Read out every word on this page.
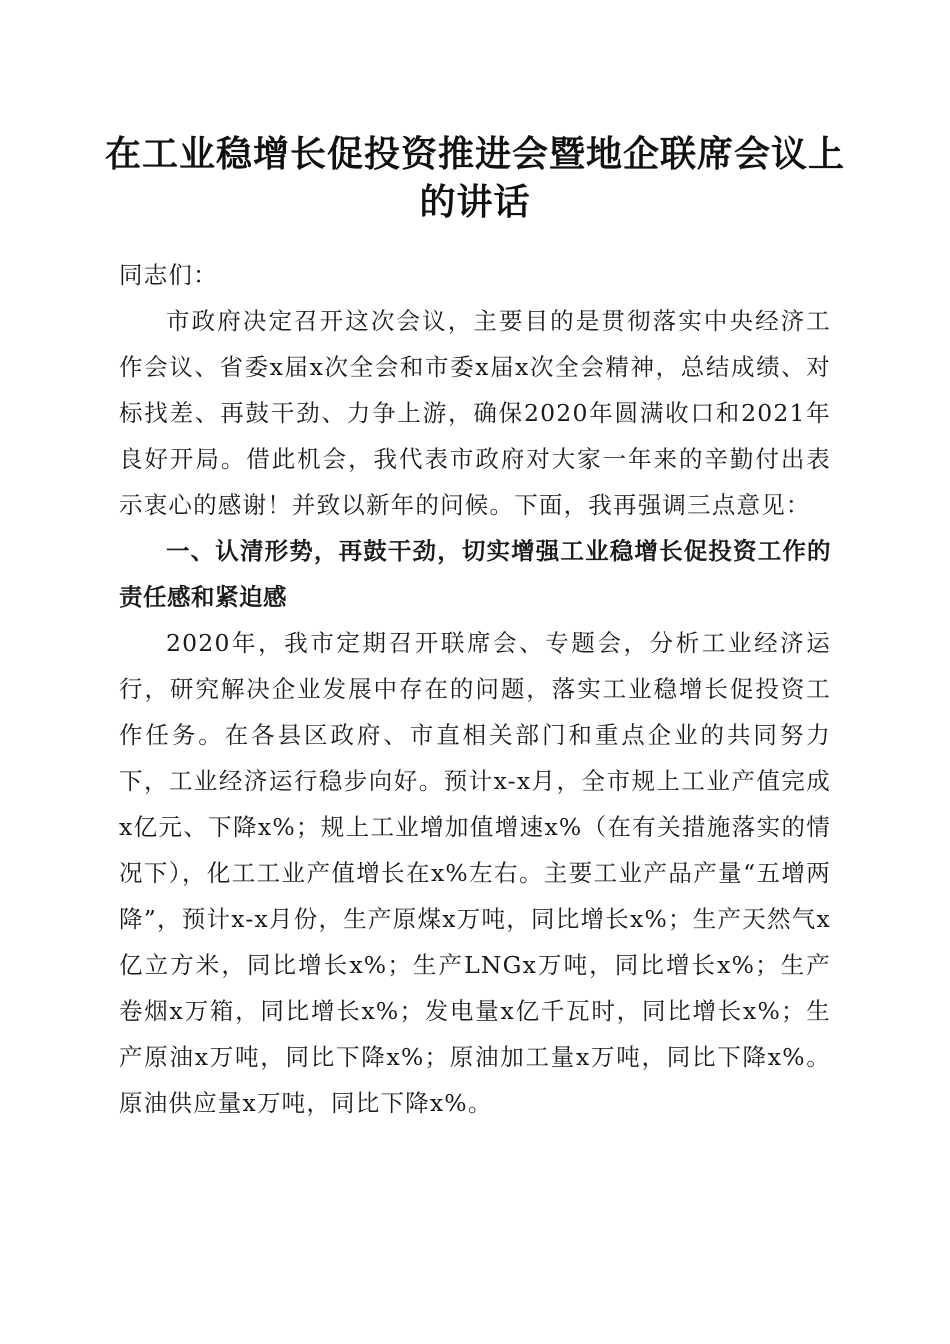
在工业稳增长促投资推进会暨地企联席会议上的讲话

同志们：

市政府决定召开这次会议，主要目的是贯彻落实中央经济工作会议、省委x届x次全会和市委x届x次全会精神，总结成绩、对标找差、再鼓干劲、力争上游，确保2020年圆满收口和2021年良好开局。借此机会，我代表市政府对大家一年来的辛勤付出表示衷心的感谢！并致以新年的问候。下面，我再强调三点意见：

一、认清形势，再鼓干劲，切实增强工业稳增长促投资工作的责任感和紧迫感

2020年，我市定期召开联席会、专题会，分析工业经济运行，研究解决企业发展中存在的问题，落实工业稳增长促投资工作任务。在各县区政府、市直相关部门和重点企业的共同努力下，工业经济运行稳步向好。预计x-x月，全市规上工业产值完成x亿元、下降x%；规上工业增加值增速x%（在有关措施落实的情况下），化工工业产值增长在x%左右。主要工业产品产量“五增两降”，预计x-x月份，生产原煤x万吨，同比增长x%；生产天然气x亿立方米，同比增长x%；生产LNGx万吨，同比增长x%；生产卷烟x万箱，同比增长x%；发电量x亿千瓦时，同比增长x%；生产原油x万吨，同比下降x%；原油加工量x万吨，同比下降x%。原油供应量x万吨，同比下降x%。
